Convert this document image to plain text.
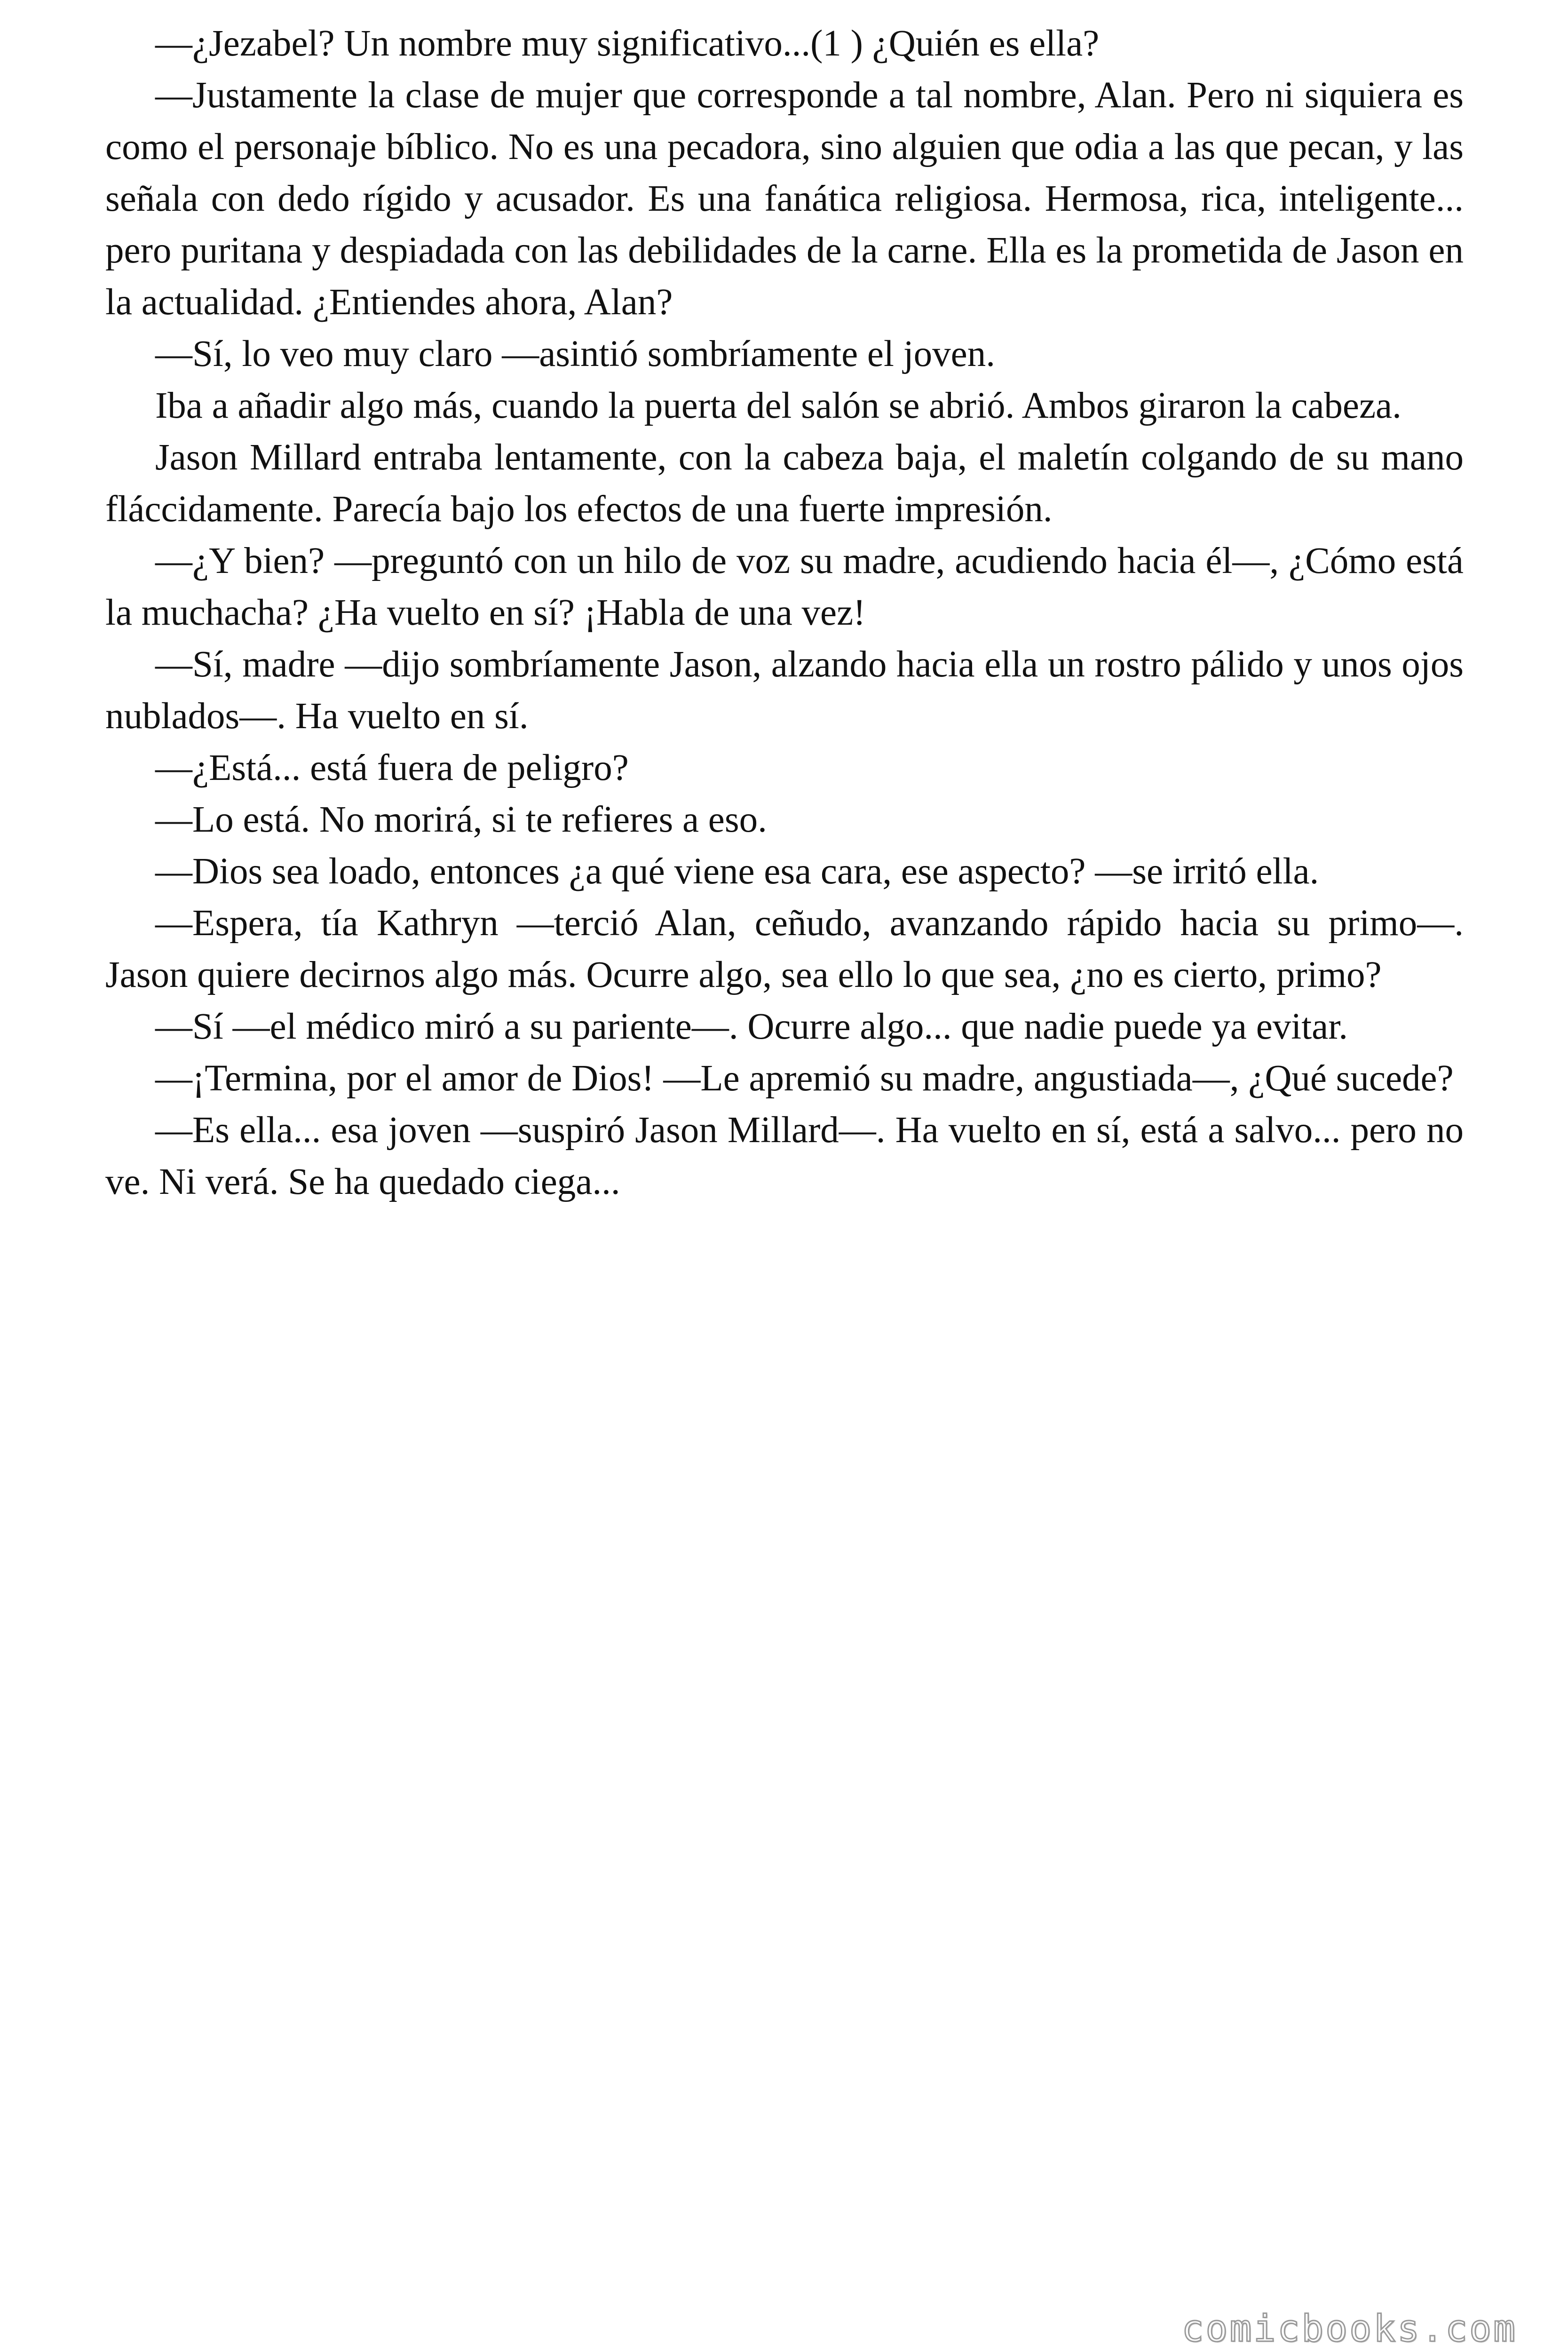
—¿Jezabel? Un nombre muy significativo...(1 ) ¿Quién es ella?

—Justamente la clase de mujer que corresponde a tal nombre, Alan. Pero ni siquiera es como el personaje bíblico. No es una pecadora, sino alguien que odia a las que pecan, y las señala con dedo rígido y acusador. Es una fanática religiosa. Hermosa, rica, inteligente... pero puritana y despiadada con las debilidades de la carne. Ella es la prometida de Jason en la actualidad. ¿Entiendes ahora, Alan?

—Sí, lo veo muy claro —asintió sombríamente el joven.

Iba a añadir algo más, cuando la puerta del salón se abrió. Ambos giraron la cabeza.

Jason Millard entraba lentamente, con la cabeza baja, el maletín colgando de su mano fláccidamente. Parecía bajo los efectos de una fuerte impresión.

—¿Y bien? —preguntó con un hilo de voz su madre, acudiendo hacia él—, ¿Cómo está la muchacha? ¿Ha vuelto en sí? ¡Habla de una vez!

—Sí, madre —dijo sombríamente Jason, alzando hacia ella un rostro pálido y unos ojos nublados—. Ha vuelto en sí.

—¿Está... está fuera de peligro?

—Lo está. No morirá, si te refieres a eso.

—Dios sea loado, entonces ¿a qué viene esa cara, ese aspecto? —se irritó ella.

—Espera, tía Kathryn —terció Alan, ceñudo, avanzando rápido hacia su primo—. Jason quiere decirnos algo más. Ocurre algo, sea ello lo que sea, ¿no es cierto, primo?

—Sí —el médico miró a su pariente—. Ocurre algo... que nadie puede ya evitar.

—¡Termina, por el amor de Dios! —Le apremió su madre, angustiada—, ¿Qué sucede?

—Es ella... esa joven —suspiró Jason Millard—. Ha vuelto en sí, está a salvo... pero no ve. Ni verá. Se ha quedado ciega...

comicbooks.com
